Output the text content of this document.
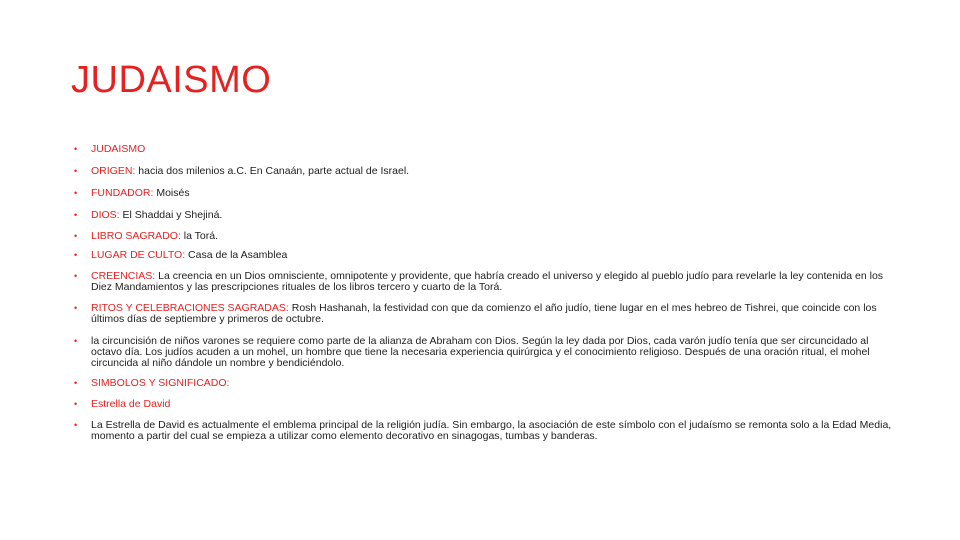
JUDAISMO
• JUDAISMO
• ORIGEN: hacia dos milenios a.C. En Canaán, parte actual de Israel.
• FUNDADOR: Moisés
• DIOS: El Shaddai y Shejiná.
• LIBRO SAGRADO: la Torá.
• LUGAR DE CULTO: Casa de la Asamblea
• CREENCIAS: La creencia en un Dios omnisciente, omnipotente y providente, que habría creado el universo y elegido al pueblo judío para revelarle la ley contenida en los Diez Mandamientos y las prescripciones rituales de los libros tercero y cuarto de la Torá.
• RITOS Y CELEBRACIONES SAGRADAS: Rosh Hashanah, la festividad con que da comienzo el año judío, tiene lugar en el mes hebreo de Tishrei, que coincide con los últimos días de septiembre y primeros de octubre.
• la circuncisión de niños varones se requiere como parte de la alianza de Abraham con Dios. Según la ley dada por Dios, cada varón judío tenía que ser circuncidado al octavo día. Los judíos acuden a un mohel, un hombre que tiene la necesaria experiencia quirúrgica y el conocimiento religioso. Después de una oración ritual, el mohel circuncida al niño dándole un nombre y bendiciéndolo.
• SIMBOLOS Y SIGNIFICADO:
• Estrella de David
• La Estrella de David es actualmente el emblema principal de la religión judía. Sin embargo, la asociación de este símbolo con el judaísmo se remonta solo a la Edad Media, momento a partir del cual se empieza a utilizar como elemento decorativo en sinagogas, tumbas y banderas.
